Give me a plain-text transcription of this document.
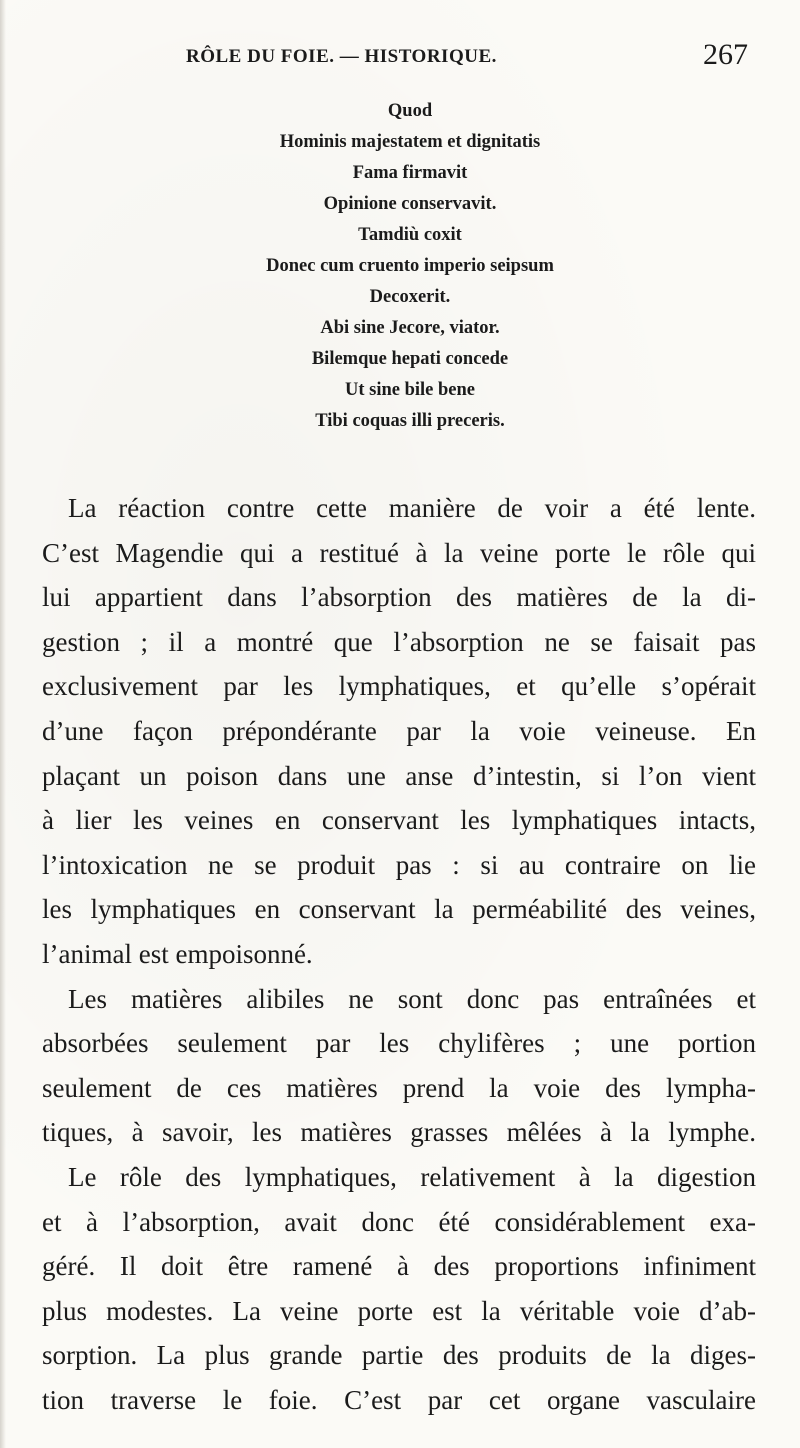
RÔLE DU FOIE. — HISTORIQUE.	267
Quod
Hominis majestatem et dignitatis
Fama firmavit
Opinione conservavit.
Tamdiù coxit
Donec cum cruento imperio seipsum
Decoxerit.
Abi sine Jecore, viator.
Bilemque hepati concede
Ut sine bile bene
Tibi coquas illi preceris.
La réaction contre cette manière de voir a été lente.
C’est Magendie qui a restitué à la veine porte le rôle qui
lui appartient dans l’absorption des matières de la di-
gestion ; il a montré que l’absorption ne se faisait pas
exclusivement par les lymphatiques, et qu’elle s’opérait
d’une façon prépondérante par la voie veineuse. En
plaçant un poison dans une anse d’intestin, si l’on vient
à lier les veines en conservant les lymphatiques intacts,
l’intoxication ne se produit pas : si au contraire on lie
les lymphatiques en conservant la perméabilité des veines,
l’animal est empoisonné.
Les matières alibiles ne sont donc pas entraînées et
absorbées seulement par les chylifères ; une portion
seulement de ces matières prend la voie des lympha-
tiques, à savoir, les matières grasses mêlées à la lymphe.
Le rôle des lymphatiques, relativement à la digestion
et à l’absorption, avait donc été considérablement exa-
géré. Il doit être ramené à des proportions infiniment
plus modestes. La veine porte est la véritable voie d’ab-
sorption. La plus grande partie des produits de la diges-
tion traverse le foie. C’est par cet organe vasculaire
